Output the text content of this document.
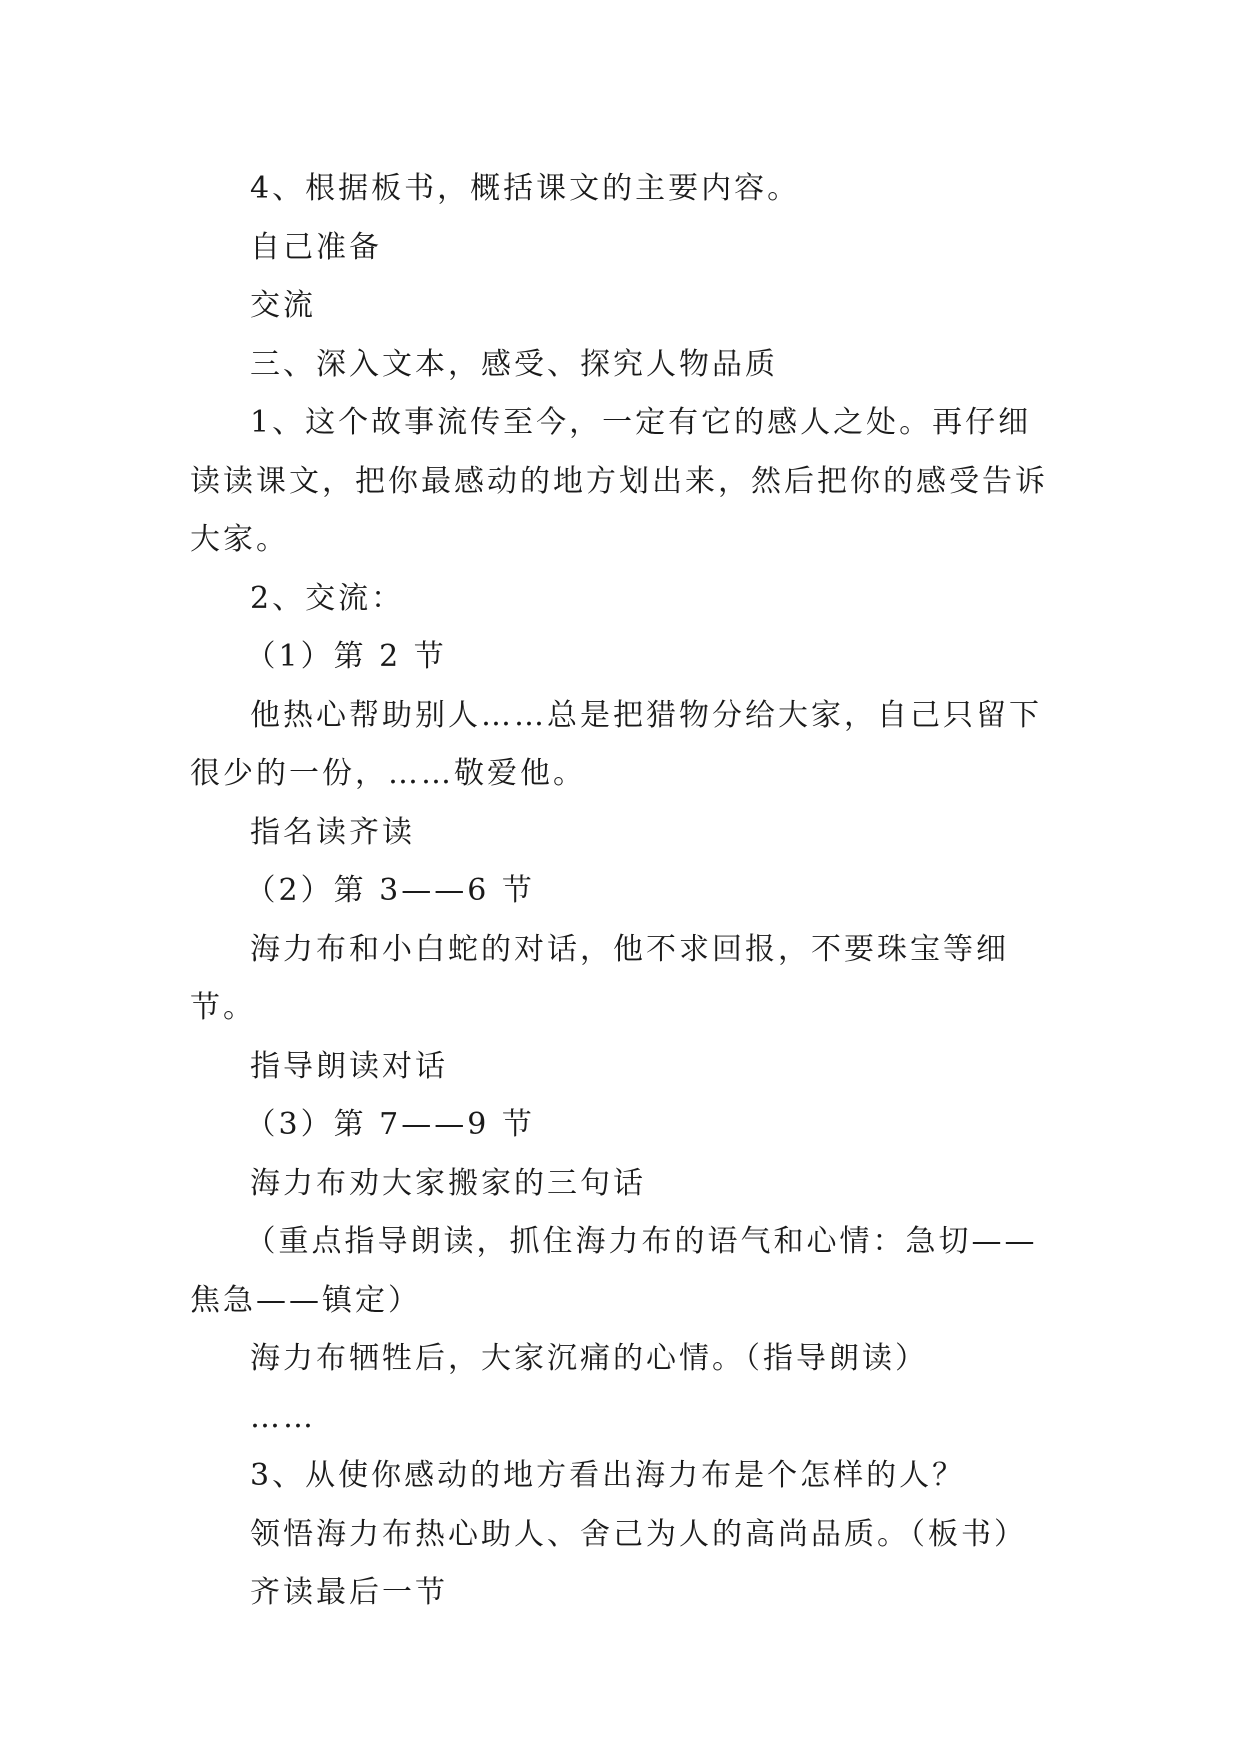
4、根据板书，概括课文的主要内容。

自己准备

交流

三、深入文本，感受、探究人物品质

1、这个故事流传至今，一定有它的感人之处。再仔细读读课文，把你最感动的地方划出来，然后把你的感受告诉大家。

2、交流：

（1）第 2 节

他热心帮助别人……总是把猎物分给大家，自己只留下很少的一份，……敬爱他。

指名读齐读

（2）第 3——6 节

海力布和小白蛇的对话，他不求回报，不要珠宝等细节。

指导朗读对话

（3）第 7——9 节

海力布劝大家搬家的三句话

（重点指导朗读，抓住海力布的语气和心情：急切——焦急——镇定）

海力布牺牲后，大家沉痛的心情。（指导朗读）

……

3、从使你感动的地方看出海力布是个怎样的人？

领悟海力布热心助人、舍己为人的高尚品质。（板书）

齐读最后一节
